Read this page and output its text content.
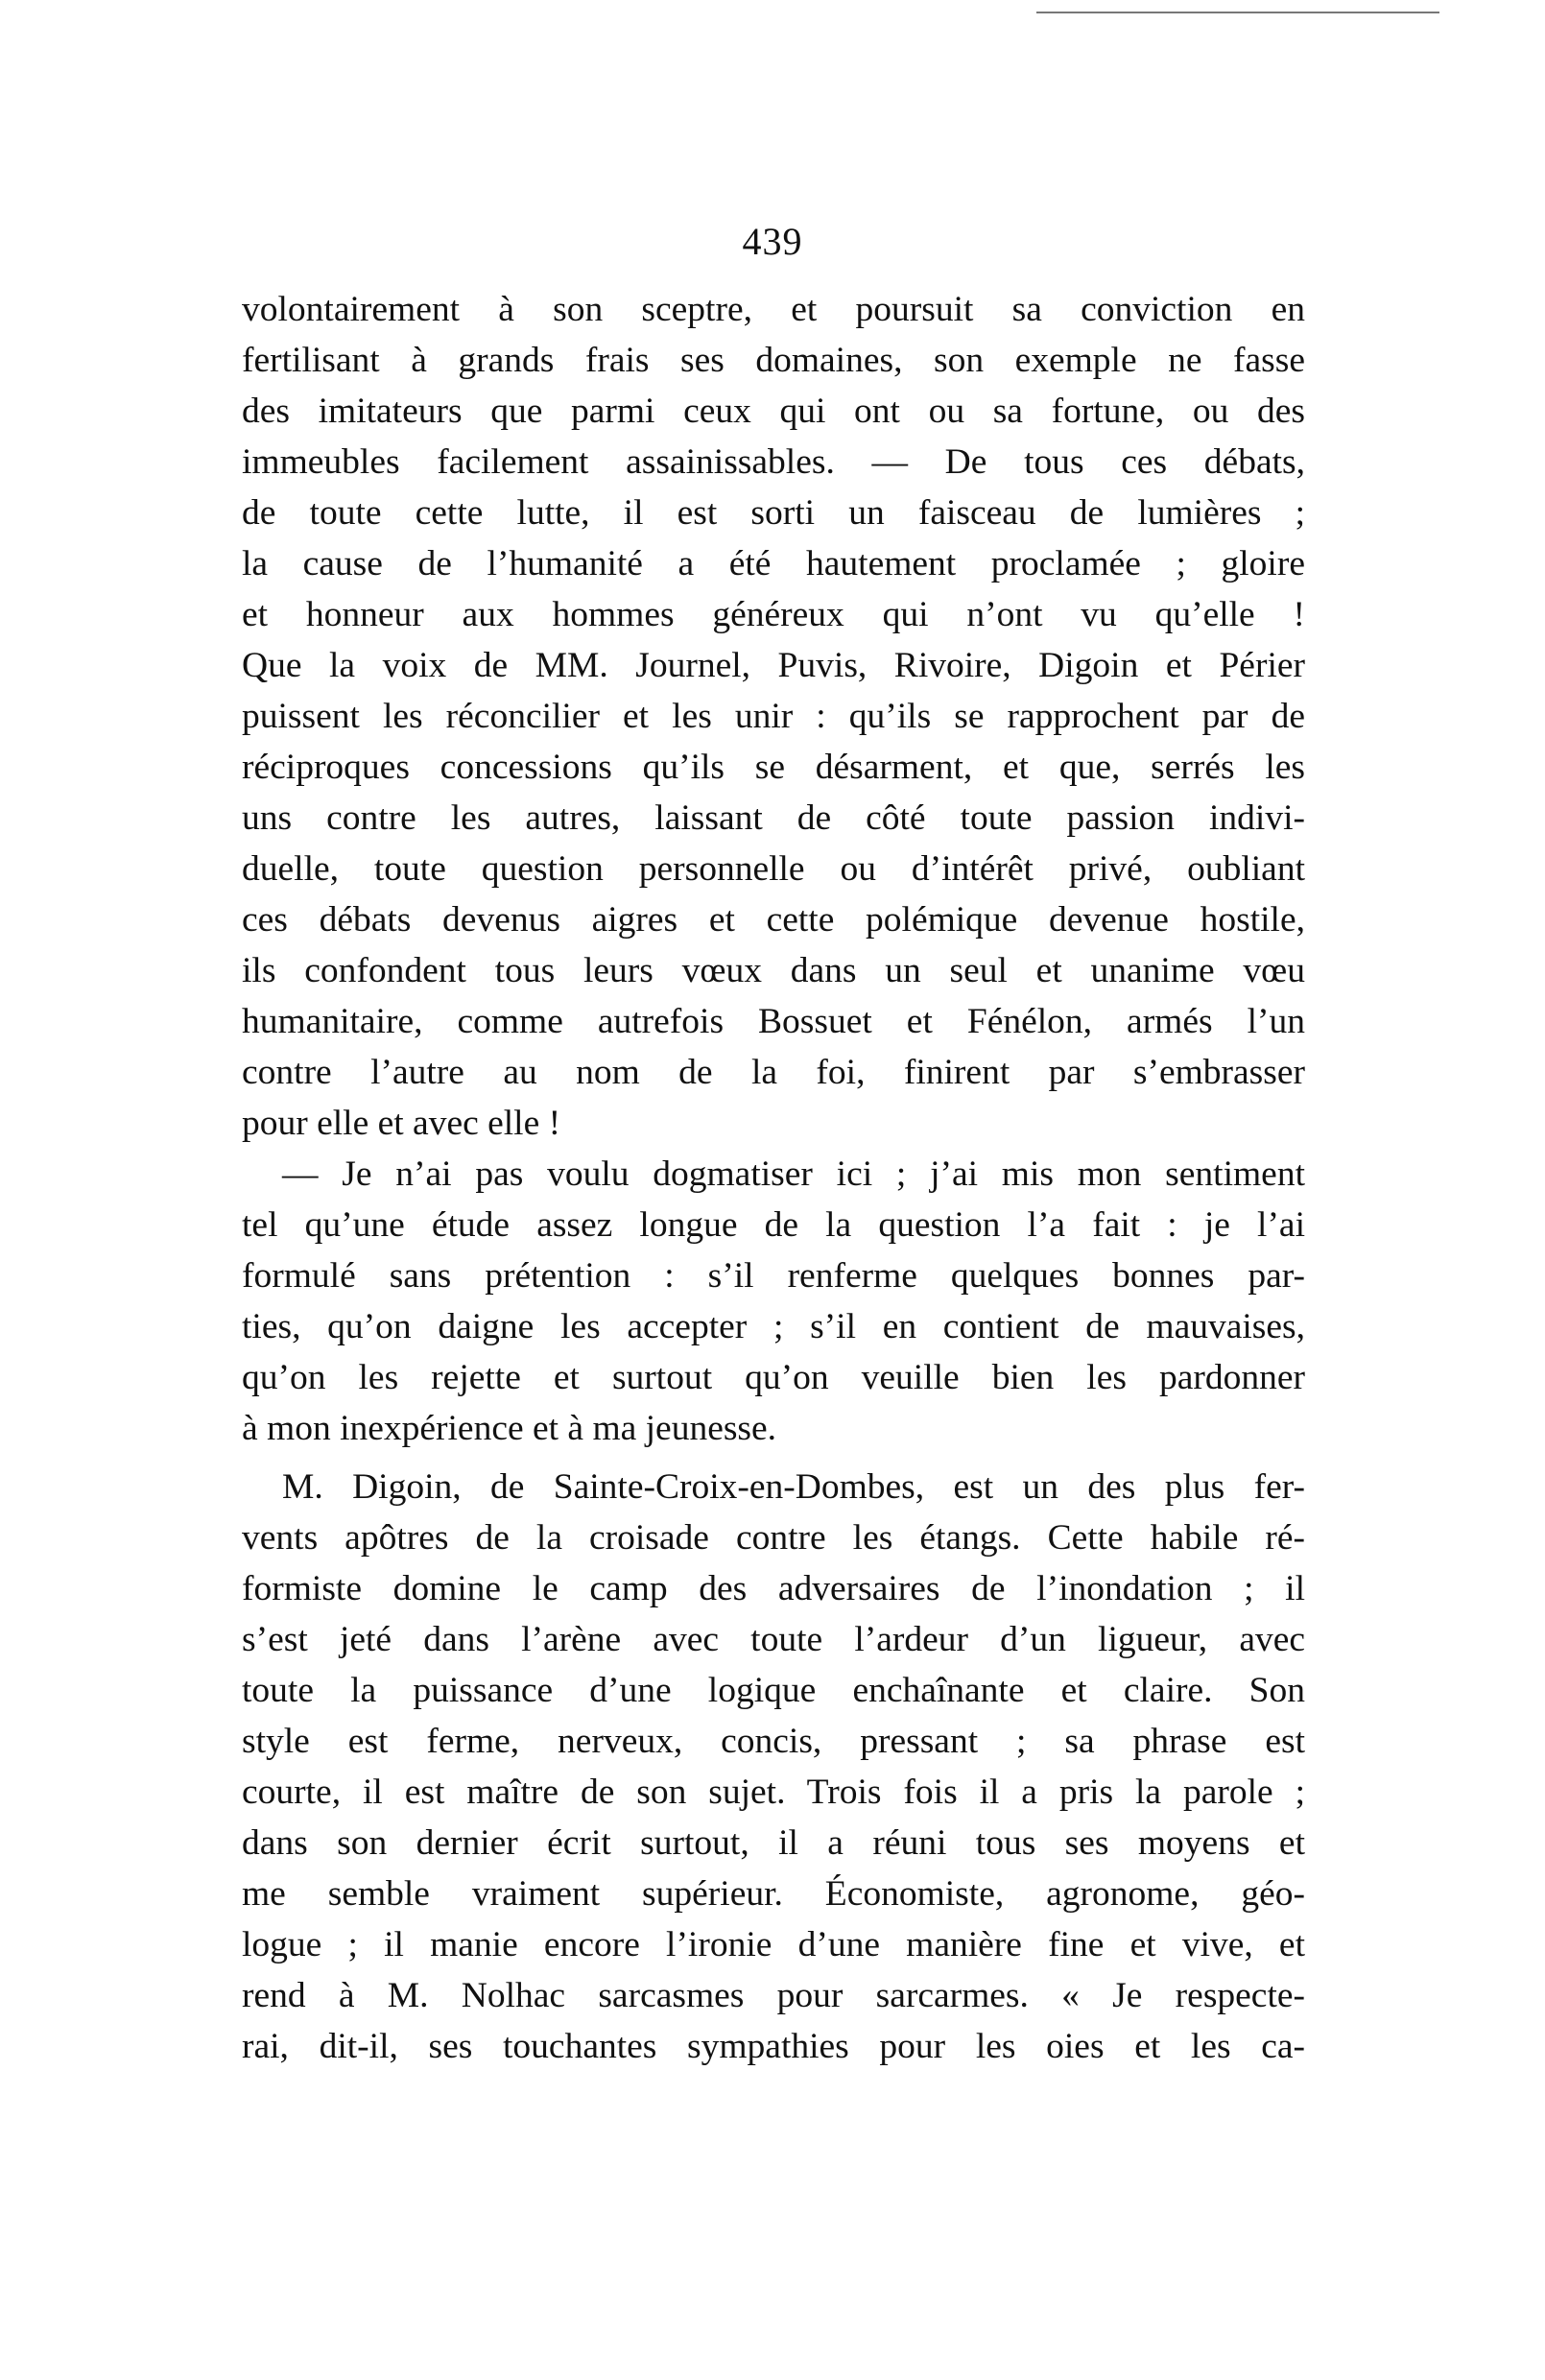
439
volontairement à son sceptre, et poursuit sa conviction en
fertilisant à grands frais ses domaines, son exemple ne fasse
des imitateurs que parmi ceux qui ont ou sa fortune, ou des
immeubles facilement assainissables. — De tous ces débats,
de toute cette lutte, il est sorti un faisceau de lumières ;
la cause de l’humanité a été hautement proclamée ; gloire
et honneur aux hommes généreux qui n’ont vu qu’elle !
Que la voix de MM. Journel, Puvis, Rivoire, Digoin et Périer
puissent les réconcilier et les unir : qu’ils se rapprochent par de
réciproques concessions qu’ils se désarment, et que, serrés les
uns contre les autres, laissant de côté toute passion indivi-
duelle, toute question personnelle ou d’intérêt privé, oubliant
ces débats devenus aigres et cette polémique devenue hostile,
ils confondent tous leurs vœux dans un seul et unanime vœu
humanitaire, comme autrefois Bossuet et Fénélon, armés l’un
contre l’autre au nom de la foi, finirent par s’embrasser
pour elle et avec elle !
— Je n’ai pas voulu dogmatiser ici ; j’ai mis mon sentiment
tel qu’une étude assez longue de la question l’a fait : je l’ai
formulé sans prétention : s’il renferme quelques bonnes par-
ties, qu’on daigne les accepter ; s’il en contient de mauvaises,
qu’on les rejette et surtout qu’on veuille bien les pardonner
à mon inexpérience et à ma jeunesse.
M. Digoin, de Sainte-Croix-en-Dombes, est un des plus fer-
vents apôtres de la croisade contre les étangs. Cette habile ré-
formiste domine le camp des adversaires de l’inondation ; il
s’est jeté dans l’arène avec toute l’ardeur d’un ligueur, avec
toute la puissance d’une logique enchaînante et claire. Son
style est ferme, nerveux, concis, pressant ; sa phrase est
courte, il est maître de son sujet. Trois fois il a pris la parole ;
dans son dernier écrit surtout, il a réuni tous ses moyens et
me semble vraiment supérieur. Économiste, agronome, géo-
logue ; il manie encore l’ironie d’une manière fine et vive, et
rend à M. Nolhac sarcasmes pour sarcarmes. « Je respecte-
rai, dit-il, ses touchantes sympathies pour les oies et les ca-
